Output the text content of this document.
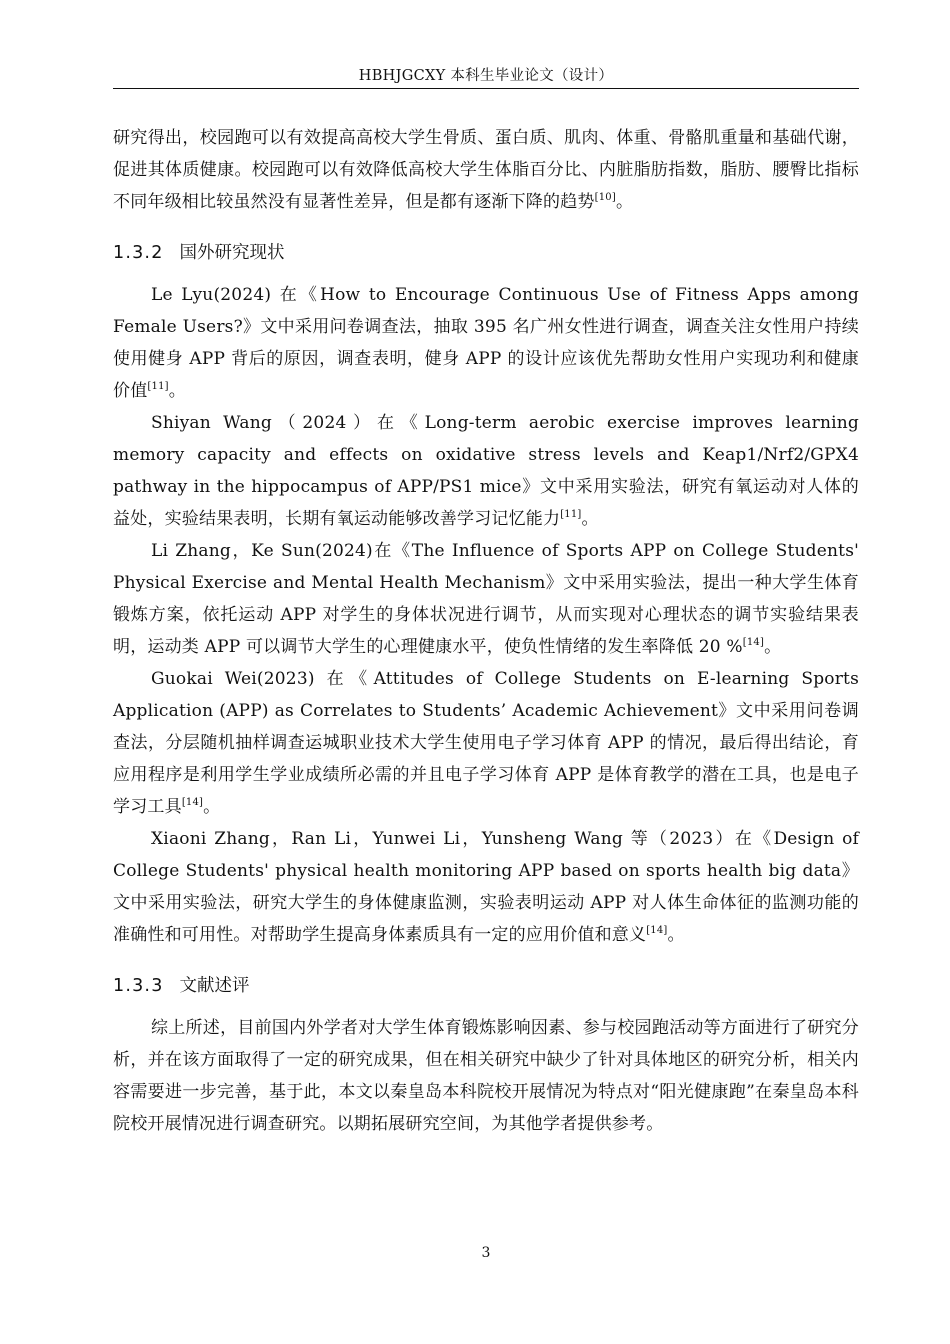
HBHJGCXY 本科生毕业论文（设计）

研究得出，校园跑可以有效提高高校大学生骨质、蛋白质、肌肉、体重、骨骼肌重量和基础代谢，促进其体质健康。校园跑可以有效降低高校大学生体脂百分比、内脏脂肪指数，脂肪、腰臀比指标不同年级相比较虽然没有显著性差异，但是都有逐渐下降的趋势[10]。

1.3.2 国外研究现状

Le Lyu(2024) 在《How to Encourage Continuous Use of Fitness Apps among Female Users?》文中采用问卷调查法，抽取 395 名广州女性进行调查，调查关注女性用户持续使用健身 APP 背后的原因，调查表明，健身 APP 的设计应该优先帮助女性用户实现功利和健康价值[11]。

Shiyan Wang（2024）在《Long-term aerobic exercise improves learning memory capacity and effects on oxidative stress levels and Keap1/Nrf2/GPX4 pathway in the hippocampus of APP/PS1 mice》文中采用实验法，研究有氧运动对人体的益处，实验结果表明，长期有氧运动能够改善学习记忆能力[11]。

Li Zhang，Ke Sun(2024)在《The Influence of Sports APP on College Students' Physical Exercise and Mental Health Mechanism》文中采用实验法，提出一种大学生体育锻炼方案，依托运动 APP 对学生的身体状况进行调节，从而实现对心理状态的调节实验结果表明，运动类 APP 可以调节大学生的心理健康水平，使负性情绪的发生率降低 20 %[14]。

Guokai Wei(2023) 在《Attitudes of College Students on E-learning Sports Application (APP) as Correlates to Students’ Academic Achievement》文中采用问卷调查法，分层随机抽样调查运城职业技术大学生使用电子学习体育 APP 的情况，最后得出结论，育应用程序是利用学生学业成绩所必需的并且电子学习体育 APP 是体育教学的潜在工具，也是电子学习工具[14]。

Xiaoni Zhang，Ran Li，Yunwei Li，Yunsheng Wang 等（2023）在《Design of College Students' physical health monitoring APP based on sports health big data》文中采用实验法，研究大学生的身体健康监测，实验表明运动 APP 对人体生命体征的监测功能的准确性和可用性。对帮助学生提高身体素质具有一定的应用价值和意义[14]。

1.3.3 文献述评

综上所述，目前国内外学者对大学生体育锻炼影响因素、参与校园跑活动等方面进行了研究分析，并在该方面取得了一定的研究成果，但在相关研究中缺少了针对具体地区的研究分析，相关内容需要进一步完善，基于此，本文以秦皇岛本科院校开展情况为特点对“阳光健康跑”在秦皇岛本科院校开展情况进行调查研究。以期拓展研究空间，为其他学者提供参考。

3
